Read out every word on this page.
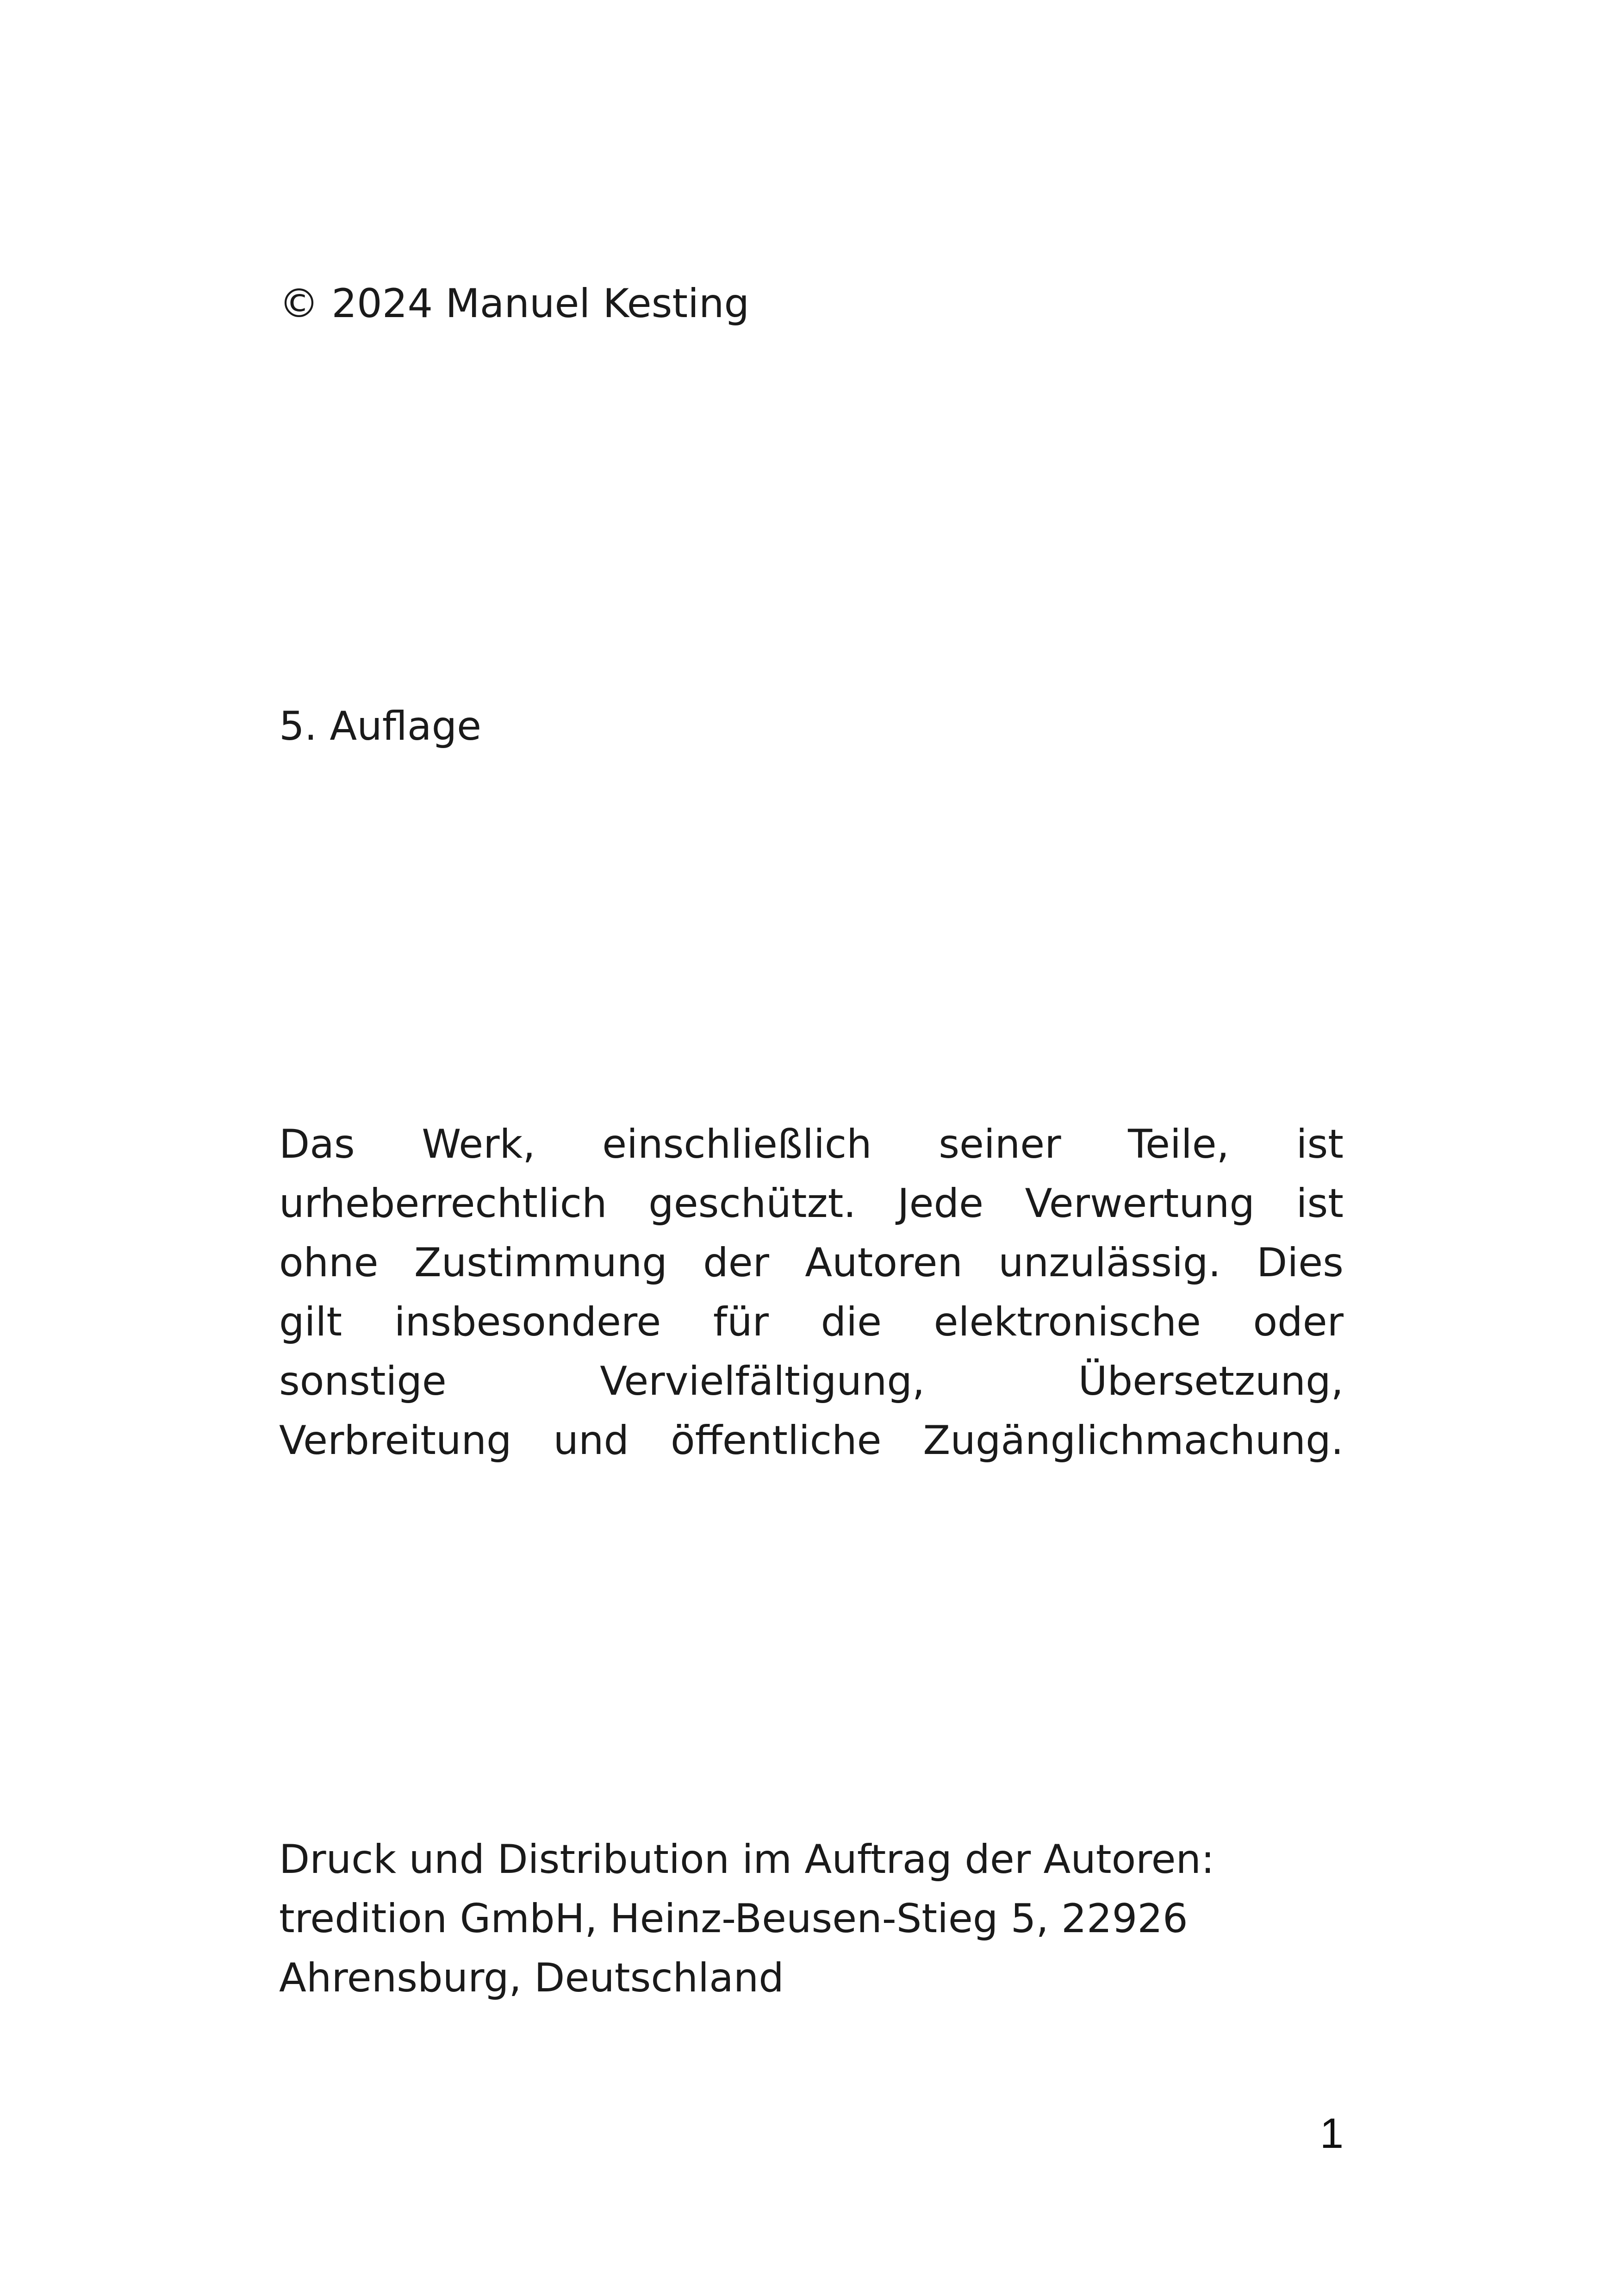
© 2024 Manuel Kesting

5. Auflage

Das Werk, einschließlich seiner Teile, ist
urheberrechtlich geschützt. Jede Verwertung ist
ohne Zustimmung der Autoren unzulässig. Dies
gilt insbesondere für die elektronische oder
sonstige Vervielfältigung, Übersetzung,
Verbreitung und öffentliche Zugänglichmachung.
Druck und Distribution im Auftrag der Autoren:
tredition GmbH, Heinz-Beusen-Stieg 5, 22926
Ahrensburg, Deutschland
1
